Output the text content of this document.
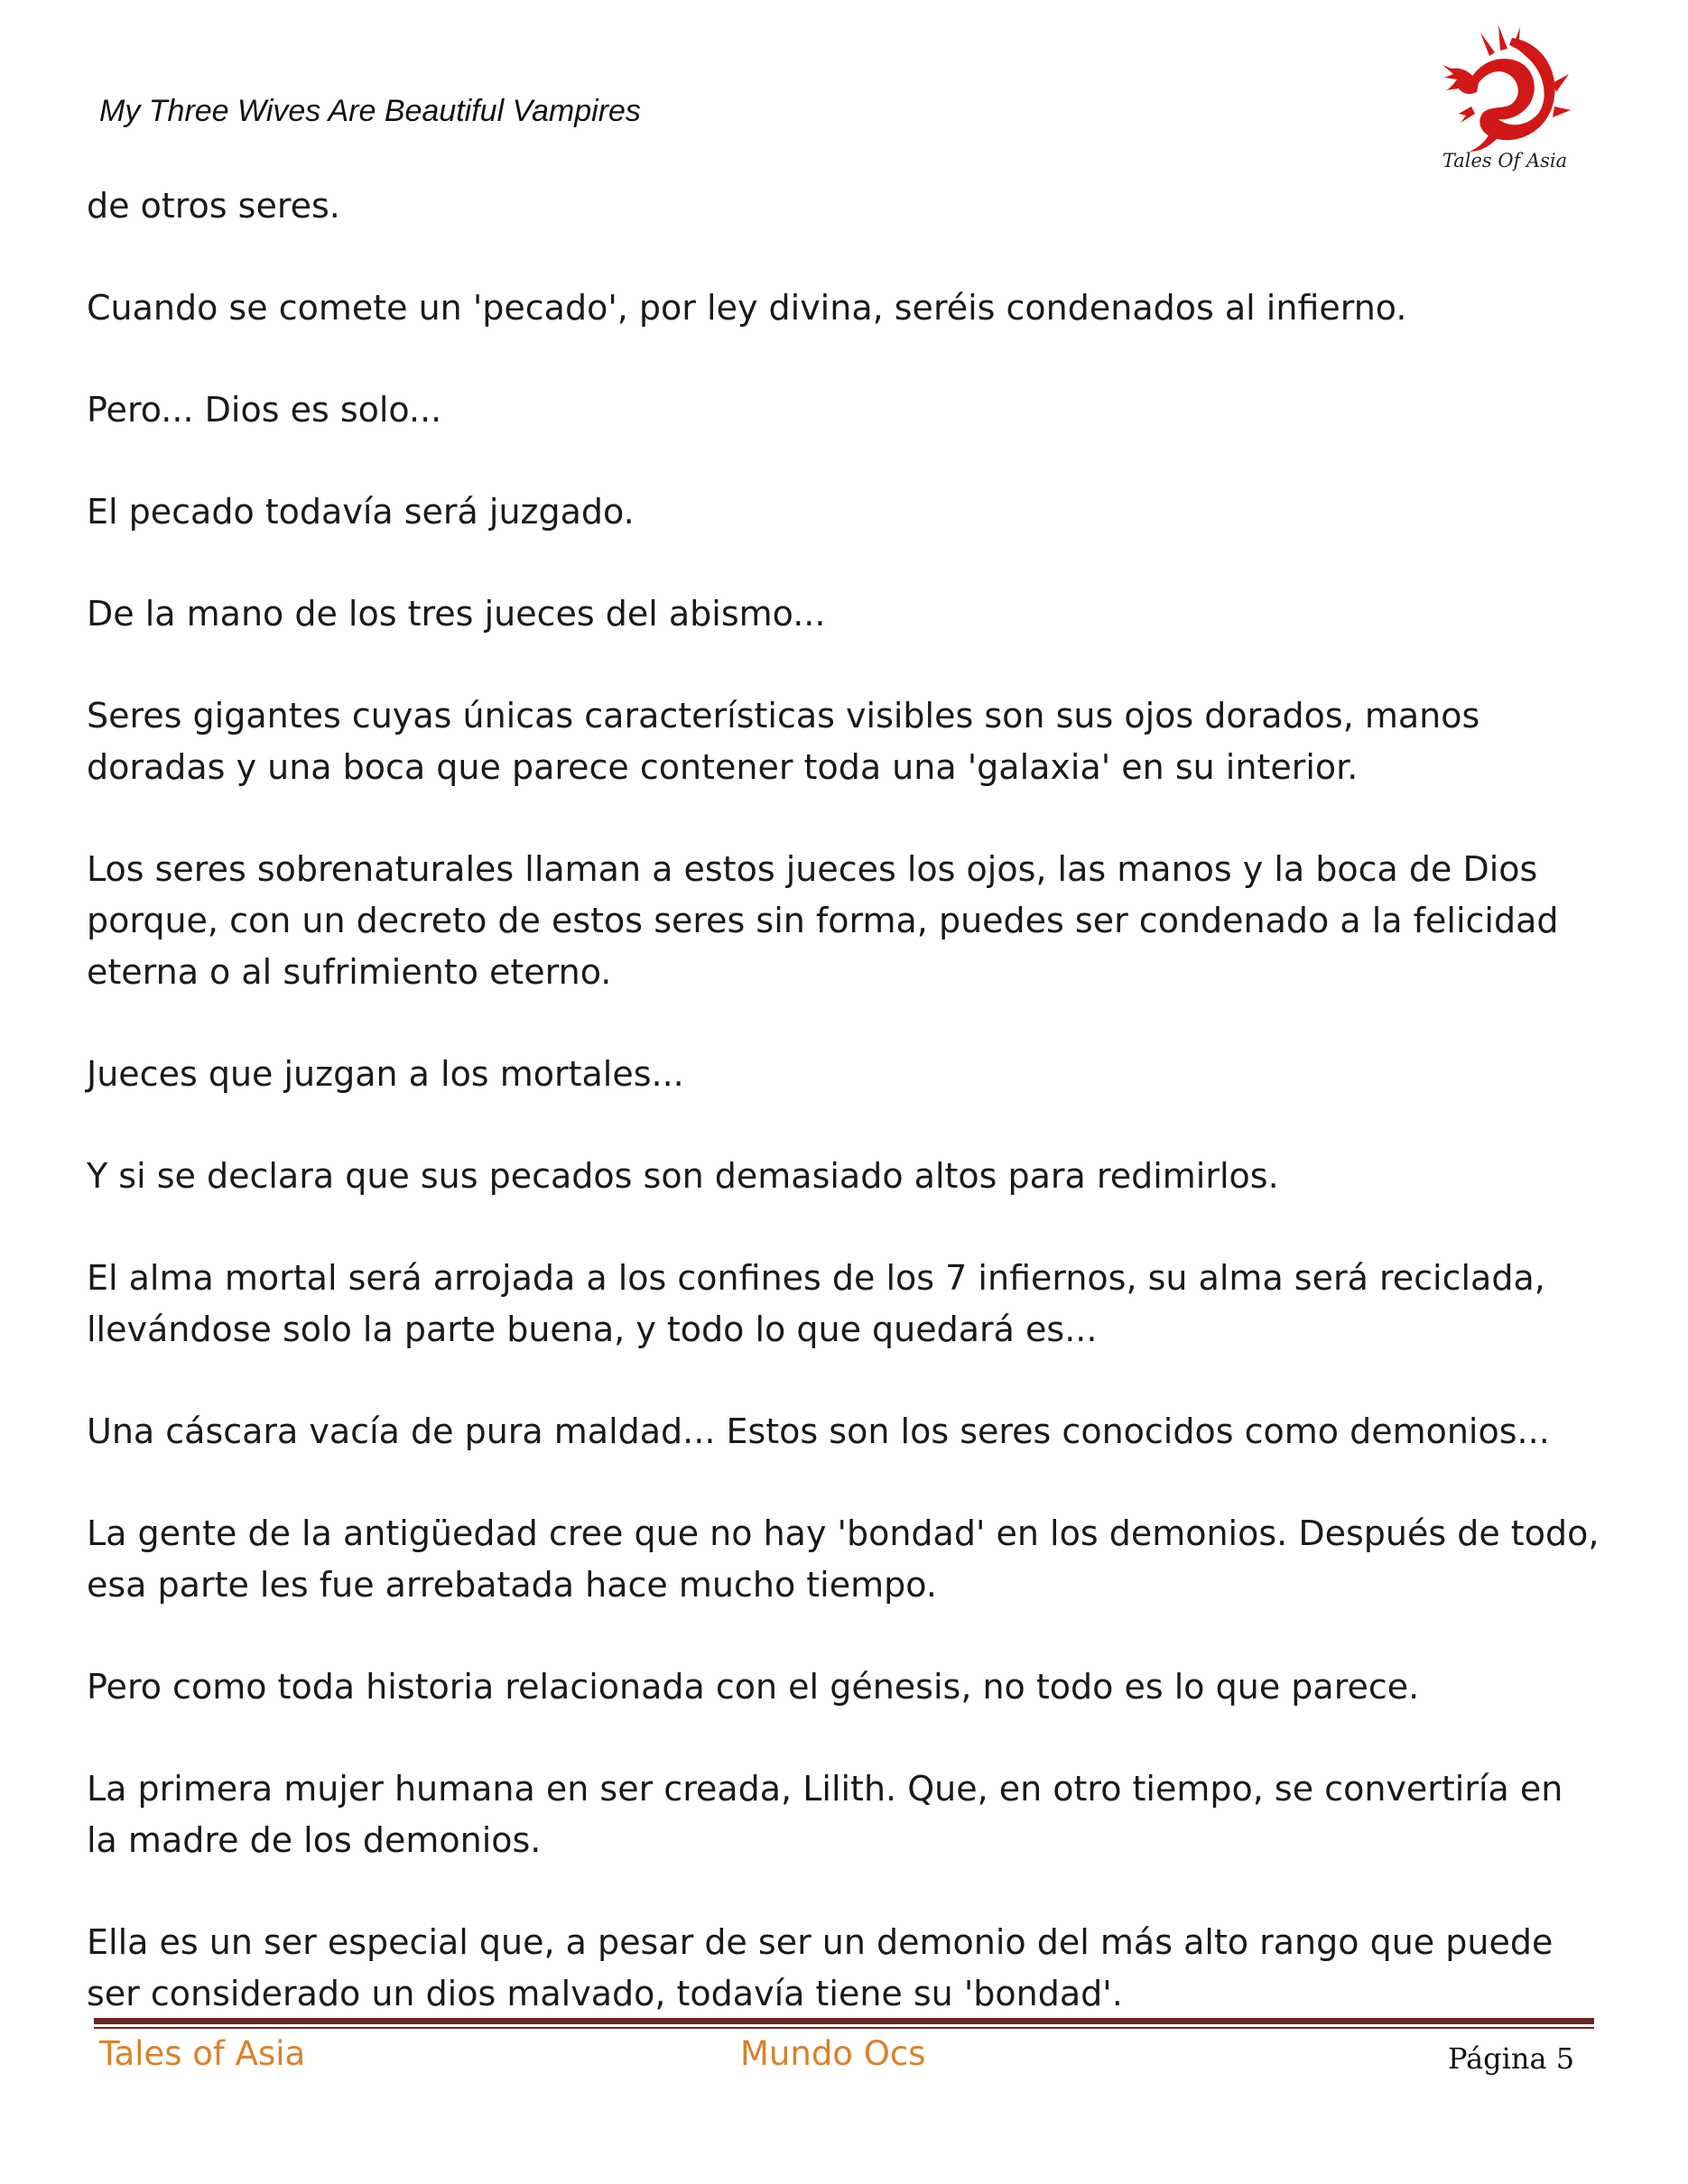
My Three Wives Are Beautiful Vampires
Tales Of Asia

de otros seres.

Cuando se comete un 'pecado', por ley divina, seréis condenados al infierno.

Pero... Dios es solo...

El pecado todavía será juzgado.

De la mano de los tres jueces del abismo...

Seres gigantes cuyas únicas características visibles son sus ojos dorados, manos doradas y una boca que parece contener toda una 'galaxia' en su interior.

Los seres sobrenaturales llaman a estos jueces los ojos, las manos y la boca de Dios porque, con un decreto de estos seres sin forma, puedes ser condenado a la felicidad eterna o al sufrimiento eterno.

Jueces que juzgan a los mortales...

Y si se declara que sus pecados son demasiado altos para redimirlos.

El alma mortal será arrojada a los confines de los 7 infiernos, su alma será reciclada, llevándose solo la parte buena, y todo lo que quedará es...

Una cáscara vacía de pura maldad... Estos son los seres conocidos como demonios...

La gente de la antigüedad cree que no hay 'bondad' en los demonios. Después de todo, esa parte les fue arrebatada hace mucho tiempo.

Pero como toda historia relacionada con el génesis, no todo es lo que parece.

La primera mujer humana en ser creada, Lilith. Que, en otro tiempo, se convertiría en la madre de los demonios.

Ella es un ser especial que, a pesar de ser un demonio del más alto rango que puede ser considerado un dios malvado, todavía tiene su 'bondad'.

Tales of Asia	Mundo Ocs	Página 5
